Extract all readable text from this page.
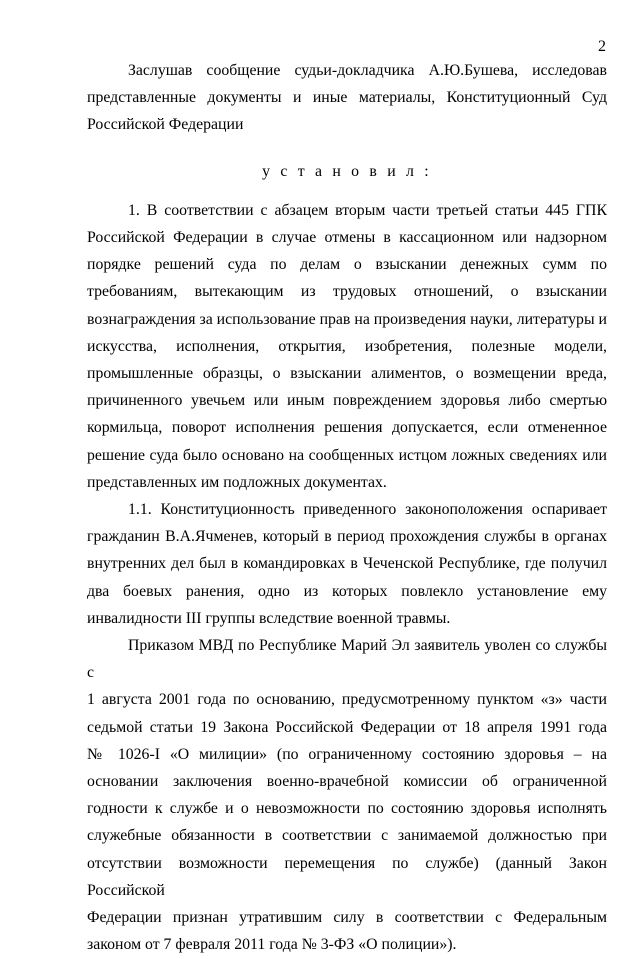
2

Заслушав сообщение судьи-докладчика А.Ю.Бушева, исследовав
представленные документы и иные материалы, Конституционный Суд
Российской Федерации

у с т а н о в и л :

1. В соответствии с абзацем вторым части третьей статьи 445 ГПК
Российской Федерации в случае отмены в кассационном или надзорном
порядке решений суда по делам о взыскании денежных сумм по
требованиям, вытекающим из трудовых отношений, о взыскании
вознаграждения за использование прав на произведения науки, литературы и
искусства, исполнения, открытия, изобретения, полезные модели,
промышленные образцы, о взыскании алиментов, о возмещении вреда,
причиненного увечьем или иным повреждением здоровья либо смертью
кормильца, поворот исполнения решения допускается, если отмененное
решение суда было основано на сообщенных истцом ложных сведениях или
представленных им подложных документах.

1.1. Конституционность приведенного законоположения оспаривает
гражданин В.А.Ячменев, который в период прохождения службы в органах
внутренних дел был в командировках в Чеченской Республике, где получил
два боевых ранения, одно из которых повлекло установление ему
инвалидности III группы вследствие военной травмы.

Приказом МВД по Республике Марий Эл заявитель уволен со службы с
1 августа 2001 года по основанию, предусмотренному пунктом «з» части
седьмой статьи 19 Закона Российской Федерации от 18 апреля 1991 года
№ 1026-I «О милиции» (по ограниченному состоянию здоровья – на
основании заключения военно-врачебной комиссии об ограниченной
годности к службе и о невозможности по состоянию здоровья исполнять
служебные обязанности в соответствии с занимаемой должностью при
отсутствии возможности перемещения по службе) (данный Закон Российской
Федерации признан утратившим силу в соответствии с Федеральным
законом от 7 февраля 2011 года № 3-ФЗ «О полиции»).
